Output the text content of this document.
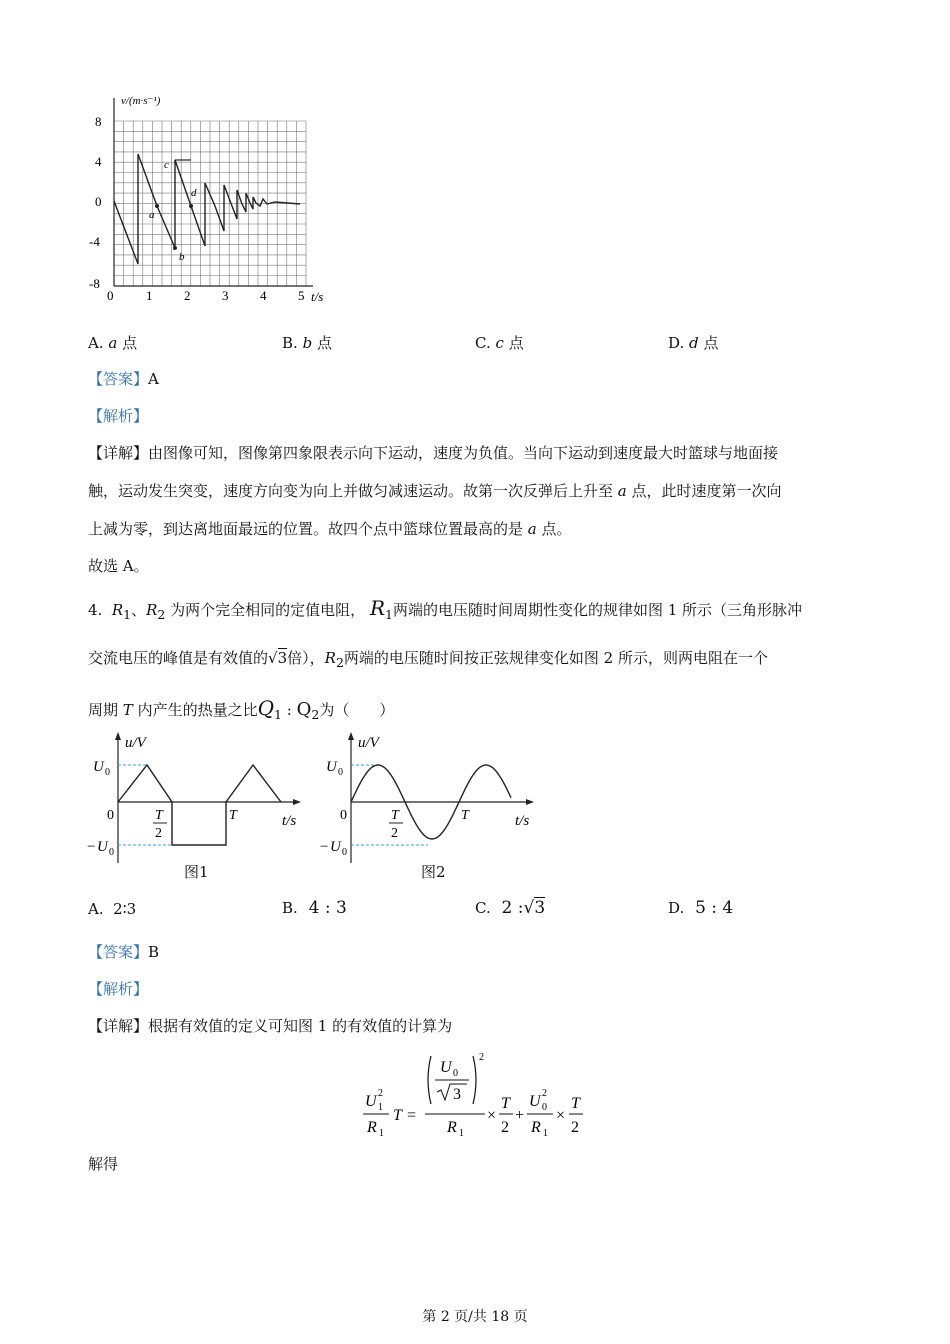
v/(m·s⁻¹)
t/s
8
4
0
-4
-8
0	1 2 3 4 5
a
b
c
d
A. a 点	B. b 点	C. c 点	D. d 点
【答案】A
【解析】
【详解】由图像可知，图像第四象限表示向下运动，速度为负值。当向下运动到速度最大时篮球与地面接
触，运动发生突变，速度方向变为向上并做匀减速运动。故第一次反弹后上升至 a 点，此时速度第一次向
上减为零，到达离地面最远的位置。故四个点中篮球位置最高的是 a 点。
故选 A。
4. $R_1$、$R_2$ 为两个完全相同的定值电阻， $R_1$两端的电压随时间周期性变化的规律如图 1 所示（三角形脉冲
交流电压的峰值是有效值的√3倍），$R_2$两端的电压随时间按正弦规律变化如图 2 所示，则两电阻在一个
周期 T 内产生的热量之比$Q_1$ : $Q_2$为（　　）
u/V
t/s
U 0
− U 0
0	T
2
T
图1
u/V
t/s
U 0
− U 0
0	T
2
T
图2
A. 2∶3	B. 4 : 3	C. 2 :√3	D. 5 : 4
【答案】B
【解析】
【详解】根据有效值的定义可知图 1 的有效值的计算为
U 2
1
R 1
T =
U 0
3
2
R 1
×
T
2
+
U 2
0
R 1
×
T
2
解得
第 2 页/共 18 页
